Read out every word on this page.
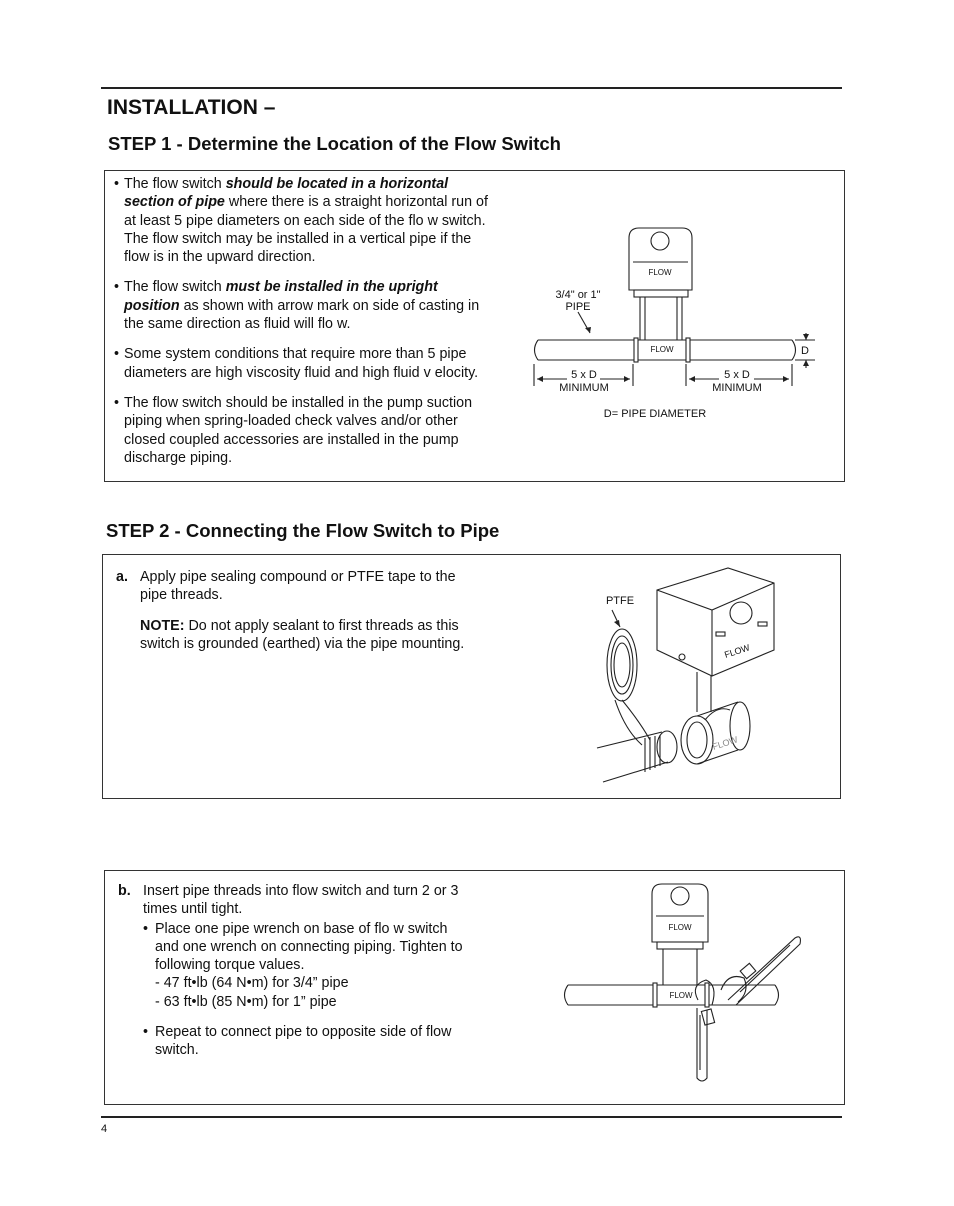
INSTALLATION –
STEP 1 - Determine the Location of the Flow Switch
• The flow switch should be located in a horizontal section of pipe where there is a straight horizontal run of at least 5 pipe diameters on each side of the flo w switch. The flow switch may be installed in a vertical pipe if the flow is in the upward direction.
• The flow switch must be installed in the upright position as shown with arrow mark on side of casting in the same direction as fluid will flo w.
• Some system conditions that require more than 5 pipe diameters are high viscosity fluid and high fluid v elocity.
• The flow switch should be installed in the pump suction piping when spring-loaded check valves and/or other closed coupled accessories are installed in the pump discharge piping.
FLOW
FLOW
3/4" or 1"
PIPE
D
5 x D
MINIMUM
5 x D
MINIMUM
D= PIPE DIAMETER
STEP 2 - Connecting the Flow Switch to Pipe
a. Apply pipe sealing compound or PTFE tape to the pipe threads.
NOTE: Do not apply sealant to first threads as this switch is grounded (earthed) via the pipe mounting.
PTFE
FLOW
FLOW
b. Insert pipe threads into flow switch and turn 2 or 3 times until tight.
• Place one pipe wrench on base of flo w switch and one wrench on connecting piping. Tighten to following torque values.
- 47 ft•lb (64 N•m) for 3/4” pipe
- 63 ft•lb (85 N•m) for 1” pipe
• Repeat to connect pipe to opposite side of flow switch.
FLOW
FLOW
4
